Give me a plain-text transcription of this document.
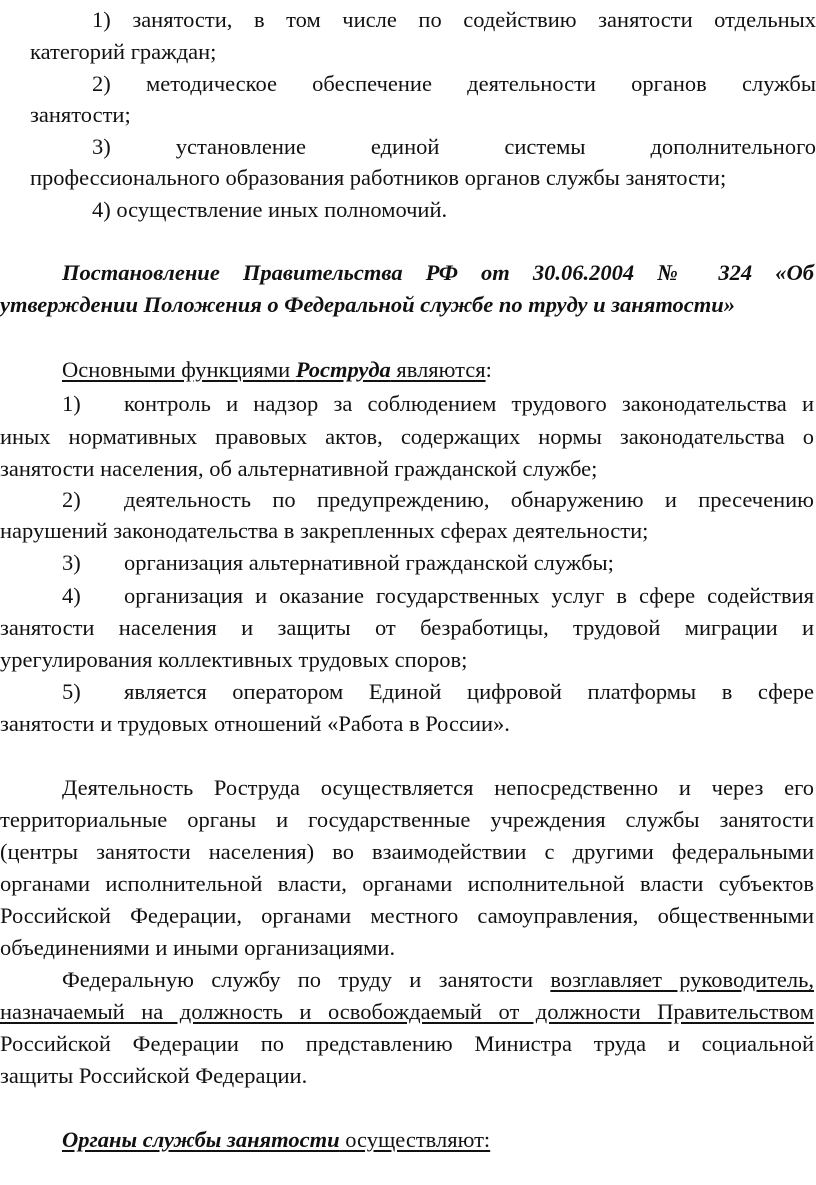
1) занятости, в том числе по содействию занятости отдельных
категорий граждан;
2) методическое обеспечение деятельности органов службы
занятости;
3)	установление единой системы дополнительного
профессионального образования работников органов службы занятости;
4) осуществление иных полномочий.
Постановление Правительства РФ от 30.06.2004 № 324 «Об
утверждении Положения о Федеральной службе по труду и занятости»
Основными функциями Роструда являются:
1) контроль и надзор за соблюдением трудового законодательства и
иных нормативных правовых актов, содержащих нормы законодательства о
занятости населения, об альтернативной гражданской службе;
2) деятельность по предупреждению, обнаружению и пресечению
нарушений законодательства в закрепленных сферах деятельности;
3) организация альтернативной гражданской службы;
4) организация и оказание государственных услуг в сфере содействия
занятости населения и защиты от безработицы, трудовой миграции и
урегулирования коллективных трудовых споров;
5) является оператором Единой цифровой платформы в сфере
занятости и трудовых отношений «Работа в России».
Деятельность Роструда осуществляется непосредственно и через его
территориальные органы и государственные учреждения службы занятости
(центры занятости населения) во взаимодействии с другими федеральными
органами исполнительной власти, органами исполнительной власти субъектов
Российской Федерации, органами местного самоуправления, общественными
объединениями и иными организациями.
Федеральную службу по труду и занятости возглавляет руководитель,
назначаемый на должность и освобождаемый от должности Правительством
Российской Федерации по представлению Министра труда и социальной
защиты Российской Федерации.
Органы службы занятости осуществляют:
